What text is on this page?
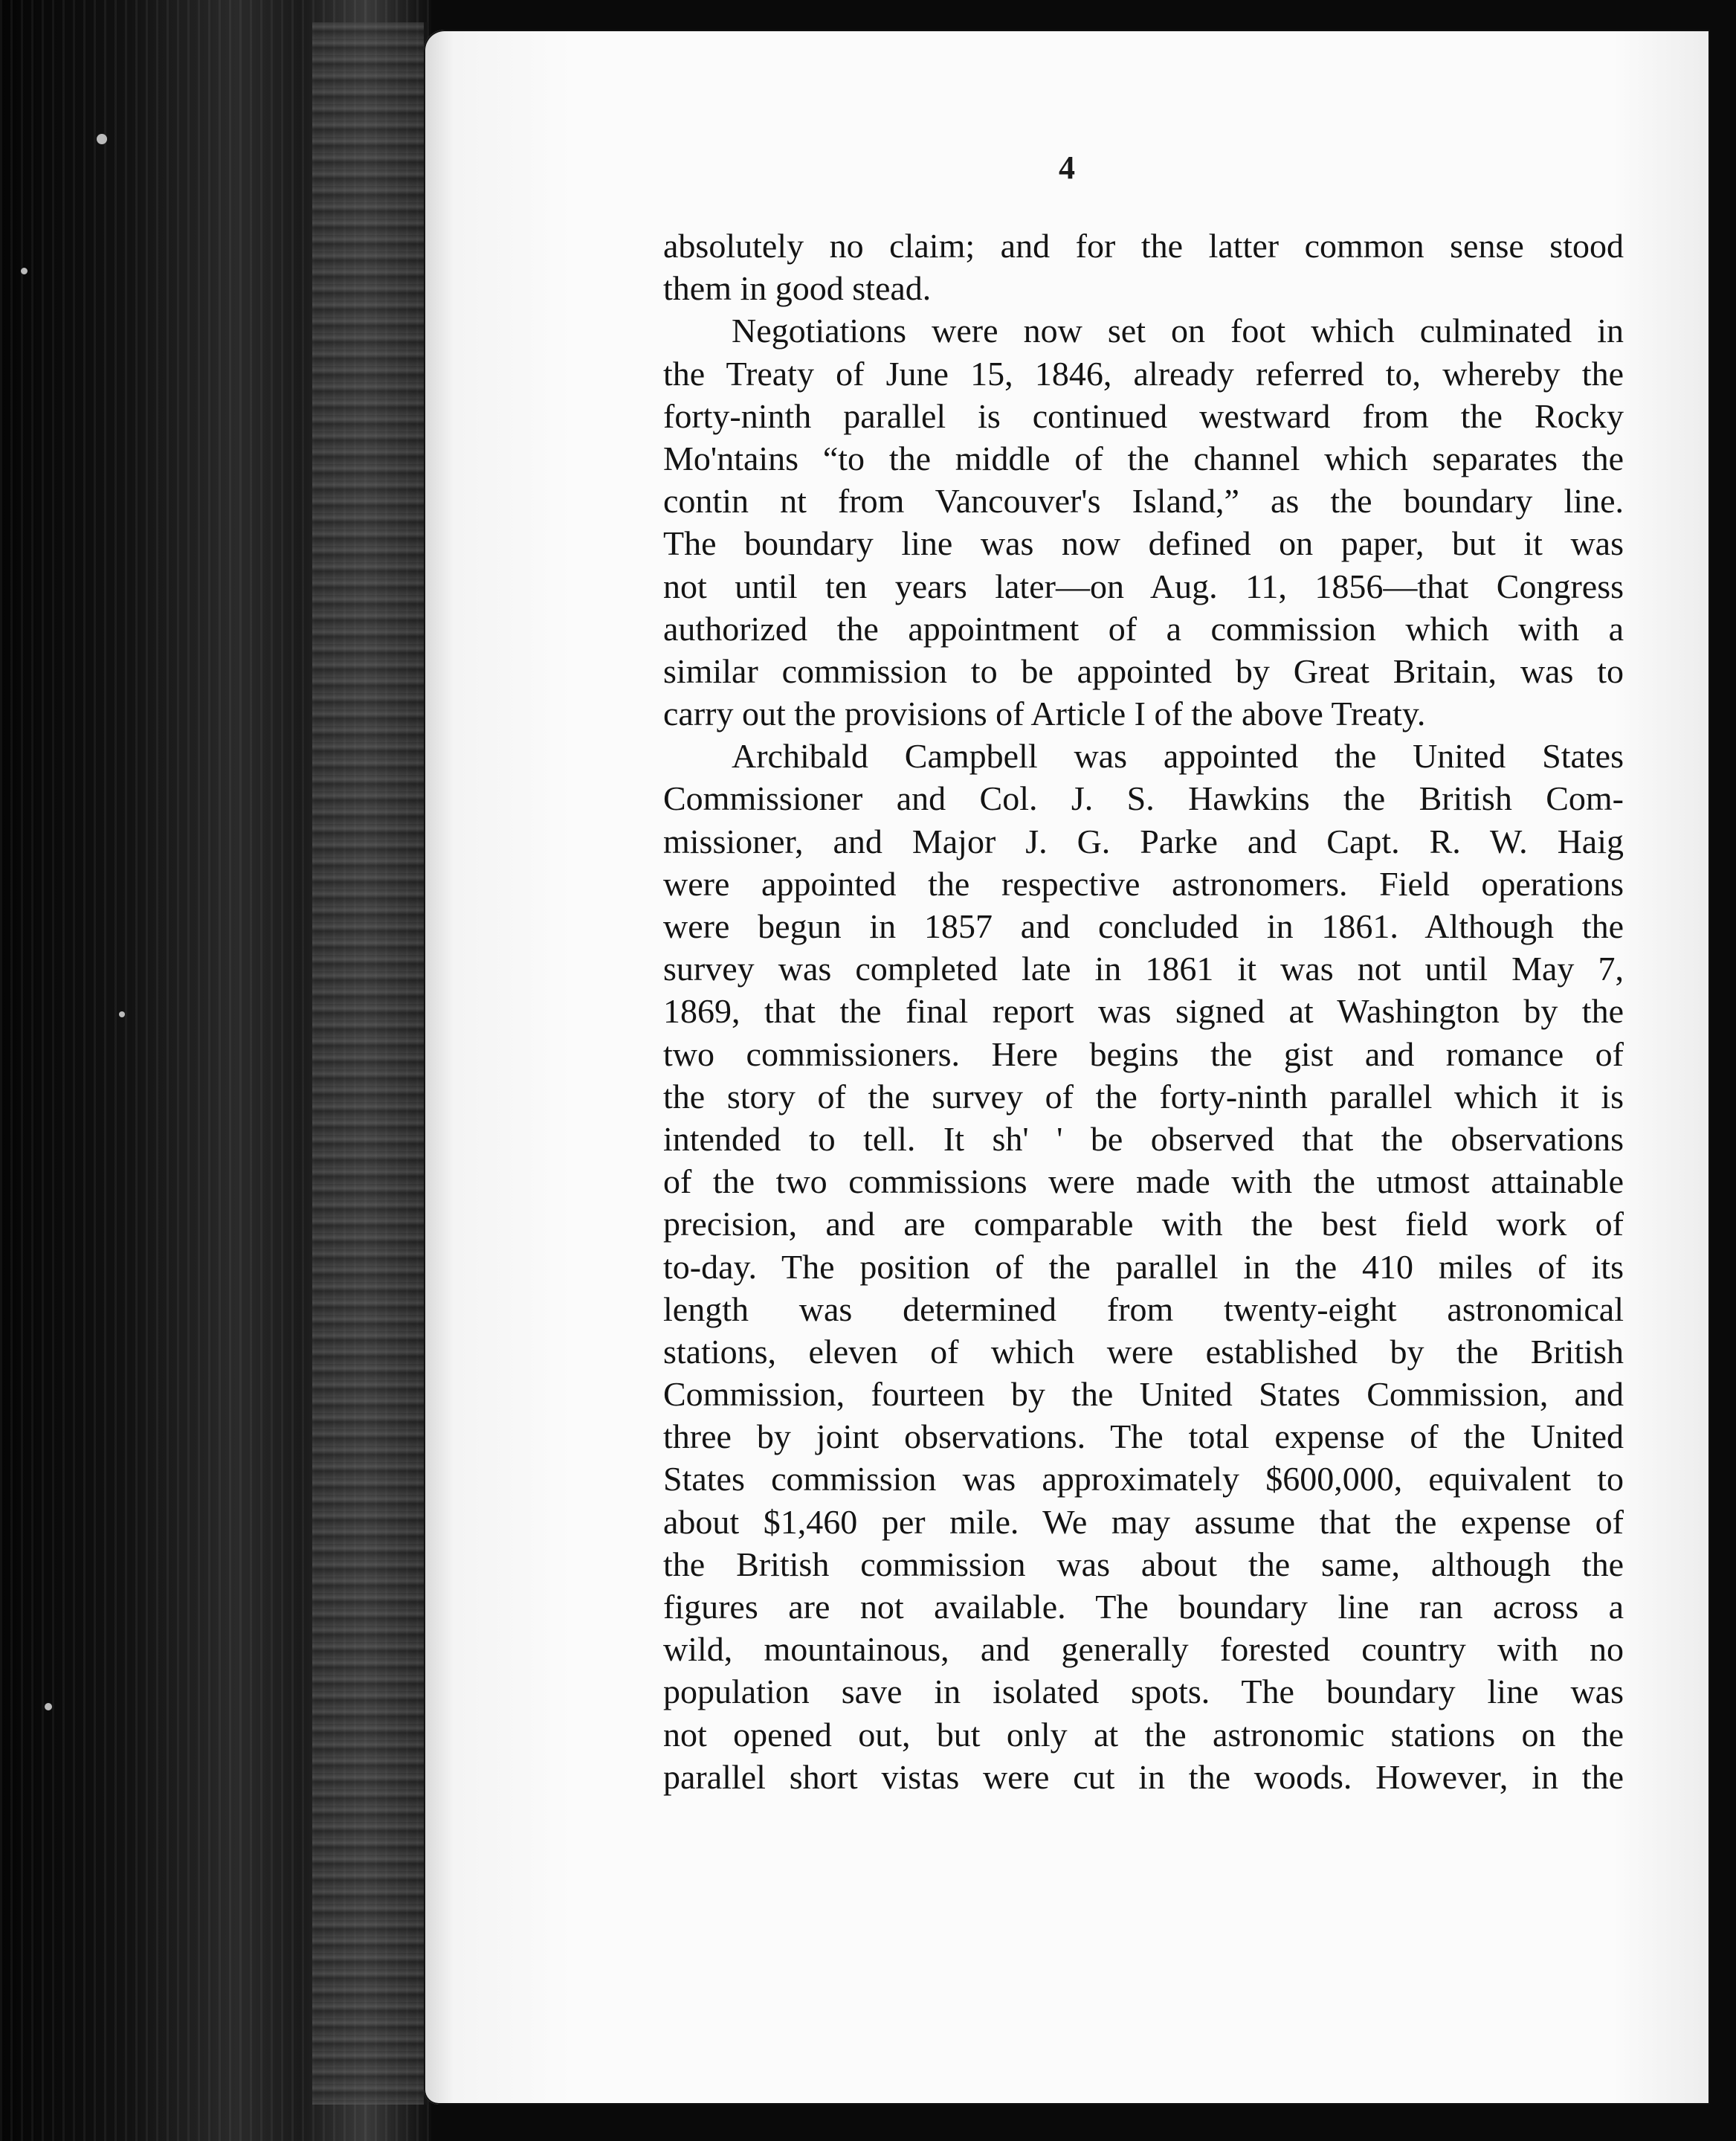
4
absolutely no claim; and for the latter common sense stood
them in good stead.
Negotiations were now set on foot which culminated in
the Treaty of June 15, 1846, already referred to, whereby the
forty-ninth parallel is continued westward from the Rocky
Mo'ntains “to the middle of the channel which separates the
contin nt from Vancouver's Island,” as the boundary line.
The boundary line was now defined on paper, but it was
not until ten years later—on Aug. 11, 1856—that Congress
authorized the appointment of a commission which with a
similar commission to be appointed by Great Britain, was to
carry out the provisions of Article I of the above Treaty.
Archibald Campbell was appointed the United States
Commissioner and Col. J. S. Hawkins the British Com-
missioner, and Major J. G. Parke and Capt. R. W. Haig
were appointed the respective astronomers. Field operations
were begun in 1857 and concluded in 1861. Although the
survey was completed late in 1861 it was not until May 7,
1869, that the final report was signed at Washington by the
two commissioners. Here begins the gist and romance of
the story of the survey of the forty-ninth parallel which it is
intended to tell. It sh' ' be observed that the observations
of the two commissions were made with the utmost attainable
precision, and are comparable with the best field work of
to-day. The position of the parallel in the 410 miles of its
length was determined from twenty-eight astronomical
stations, eleven of which were established by the British
Commission, fourteen by the United States Commission, and
three by joint observations. The total expense of the United
States commission was approximately $600,000, equivalent to
about $1,460 per mile. We may assume that the expense of
the British commission was about the same, although the
figures are not available. The boundary line ran across a
wild, mountainous, and generally forested country with no
population save in isolated spots. The boundary line was
not opened out, but only at the astronomic stations on the
parallel short vistas were cut in the woods. However, in the
